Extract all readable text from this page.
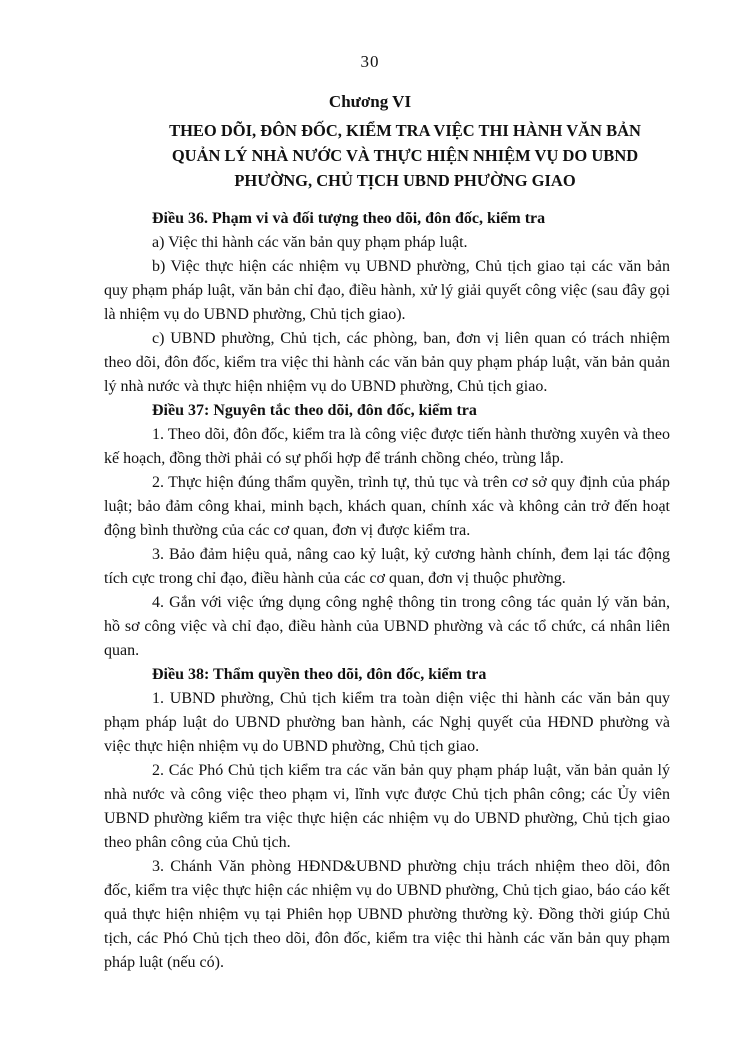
30
Chương VI
THEO DÕI, ĐÔN ĐỐC, KIỂM TRA VIỆC THI HÀNH VĂN BẢN
QUẢN LÝ NHÀ NƯỚC VÀ THỰC HIỆN NHIỆM VỤ DO UBND
PHƯỜNG, CHỦ TỊCH UBND PHƯỜNG GIAO

Điều 36. Phạm vi và đối tượng theo dõi, đôn đốc, kiểm tra

a) Việc thi hành các văn bản quy phạm pháp luật.

b) Việc thực hiện các nhiệm vụ UBND phường, Chủ tịch giao tại các văn bản quy phạm pháp luật, văn bản chỉ đạo, điều hành, xử lý giải quyết công việc (sau đây gọi là nhiệm vụ do UBND phường, Chủ tịch giao).

c) UBND phường, Chủ tịch, các phòng, ban, đơn vị liên quan có trách nhiệm theo dõi, đôn đốc, kiểm tra việc thi hành các văn bản quy phạm pháp luật, văn bản quản lý nhà nước và thực hiện nhiệm vụ do UBND phường, Chủ tịch giao.

Điều 37: Nguyên tắc theo dõi, đôn đốc, kiểm tra

1. Theo dõi, đôn đốc, kiểm tra là công việc được tiến hành thường xuyên và theo kế hoạch, đồng thời phải có sự phối hợp để tránh chồng chéo, trùng lắp.

2. Thực hiện đúng thẩm quyền, trình tự, thủ tục và trên cơ sở quy định của pháp luật; bảo đảm công khai, minh bạch, khách quan, chính xác và không cản trở đến hoạt động bình thường của các cơ quan, đơn vị được kiểm tra.

3. Bảo đảm hiệu quả, nâng cao kỷ luật, kỷ cương hành chính, đem lại tác động tích cực trong chỉ đạo, điều hành của các cơ quan, đơn vị thuộc phường.

4. Gắn với việc ứng dụng công nghệ thông tin trong công tác quản lý văn bản, hồ sơ công việc và chỉ đạo, điều hành của UBND phường và các tổ chức, cá nhân liên quan.

Điều 38: Thẩm quyền theo dõi, đôn đốc, kiểm tra

1. UBND phường, Chủ tịch kiểm tra toàn diện việc thi hành các văn bản quy phạm pháp luật do UBND phường ban hành, các Nghị quyết của HĐND phường và việc thực hiện nhiệm vụ do UBND phường, Chủ tịch giao.

2. Các Phó Chủ tịch kiểm tra các văn bản quy phạm pháp luật, văn bản quản lý nhà nước và công việc theo phạm vi, lĩnh vực được Chủ tịch phân công; các Ủy viên UBND phường kiểm tra việc thực hiện các nhiệm vụ do UBND phường, Chủ tịch giao theo phân công của Chủ tịch.

3. Chánh Văn phòng HĐND&UBND phường chịu trách nhiệm theo dõi, đôn đốc, kiểm tra việc thực hiện các nhiệm vụ do UBND phường, Chủ tịch giao, báo cáo kết quả thực hiện nhiệm vụ tại Phiên họp UBND phường thường kỳ. Đồng thời giúp Chủ tịch, các Phó Chủ tịch theo dõi, đôn đốc, kiểm tra việc thi hành các văn bản quy phạm pháp luật (nếu có).
